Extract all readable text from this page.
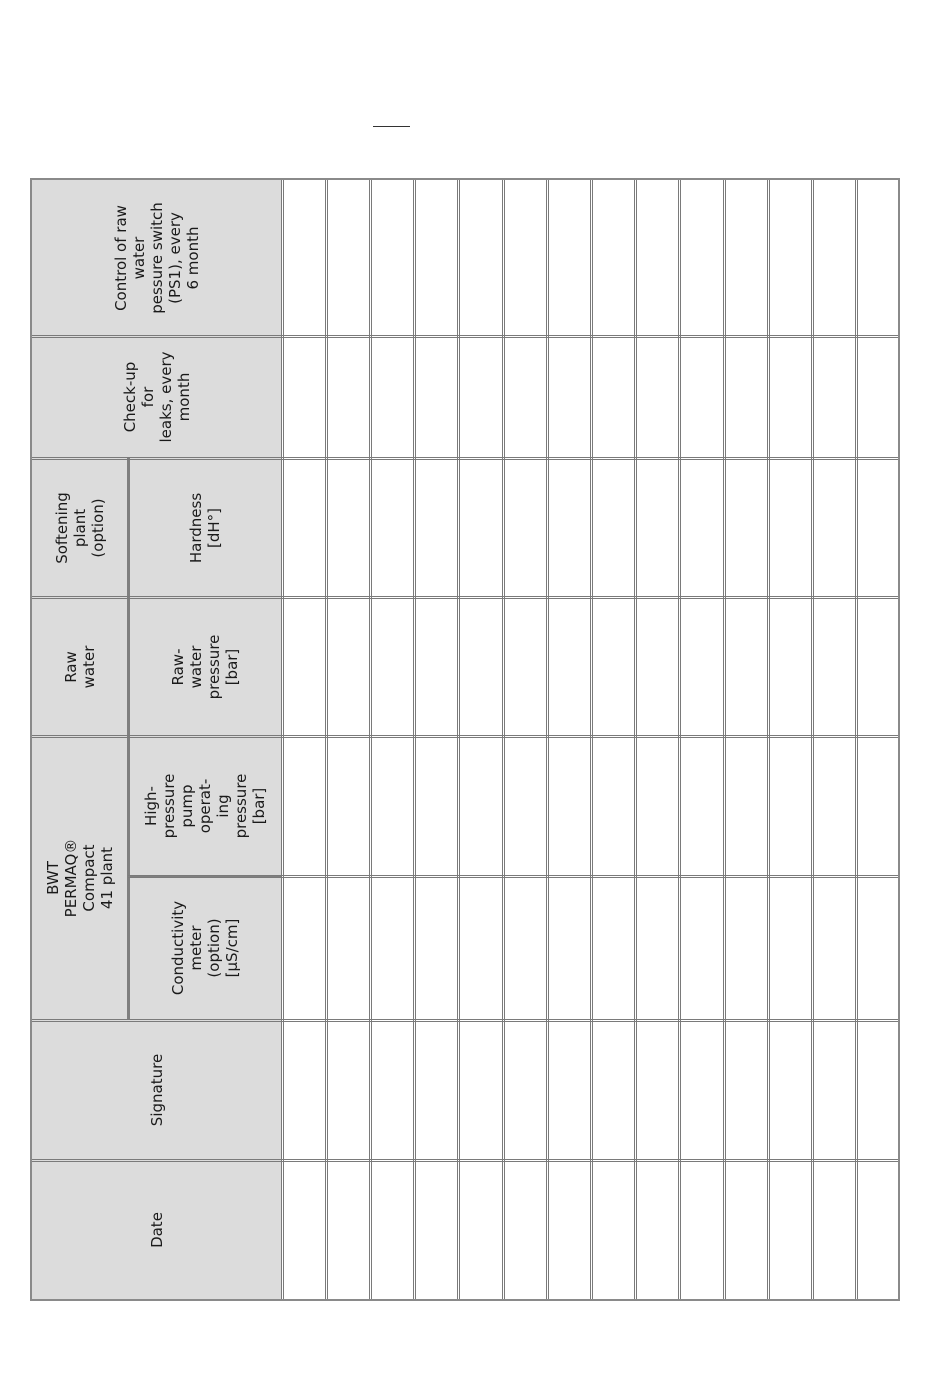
Control of raw
water
pessure switch
(PS1), every
6 month
Check-up
for
leaks, every
month
Softening
plant
(option)	Hardness
[dH°]
Raw water	Raw-water
pressure [bar]
BWT PERMAQ®
Compact 41 plant
High-pressure
pump operat-
ing pressure
[bar]
Conductivity
meter
(option)
[µS/cm]
Signature
Date
